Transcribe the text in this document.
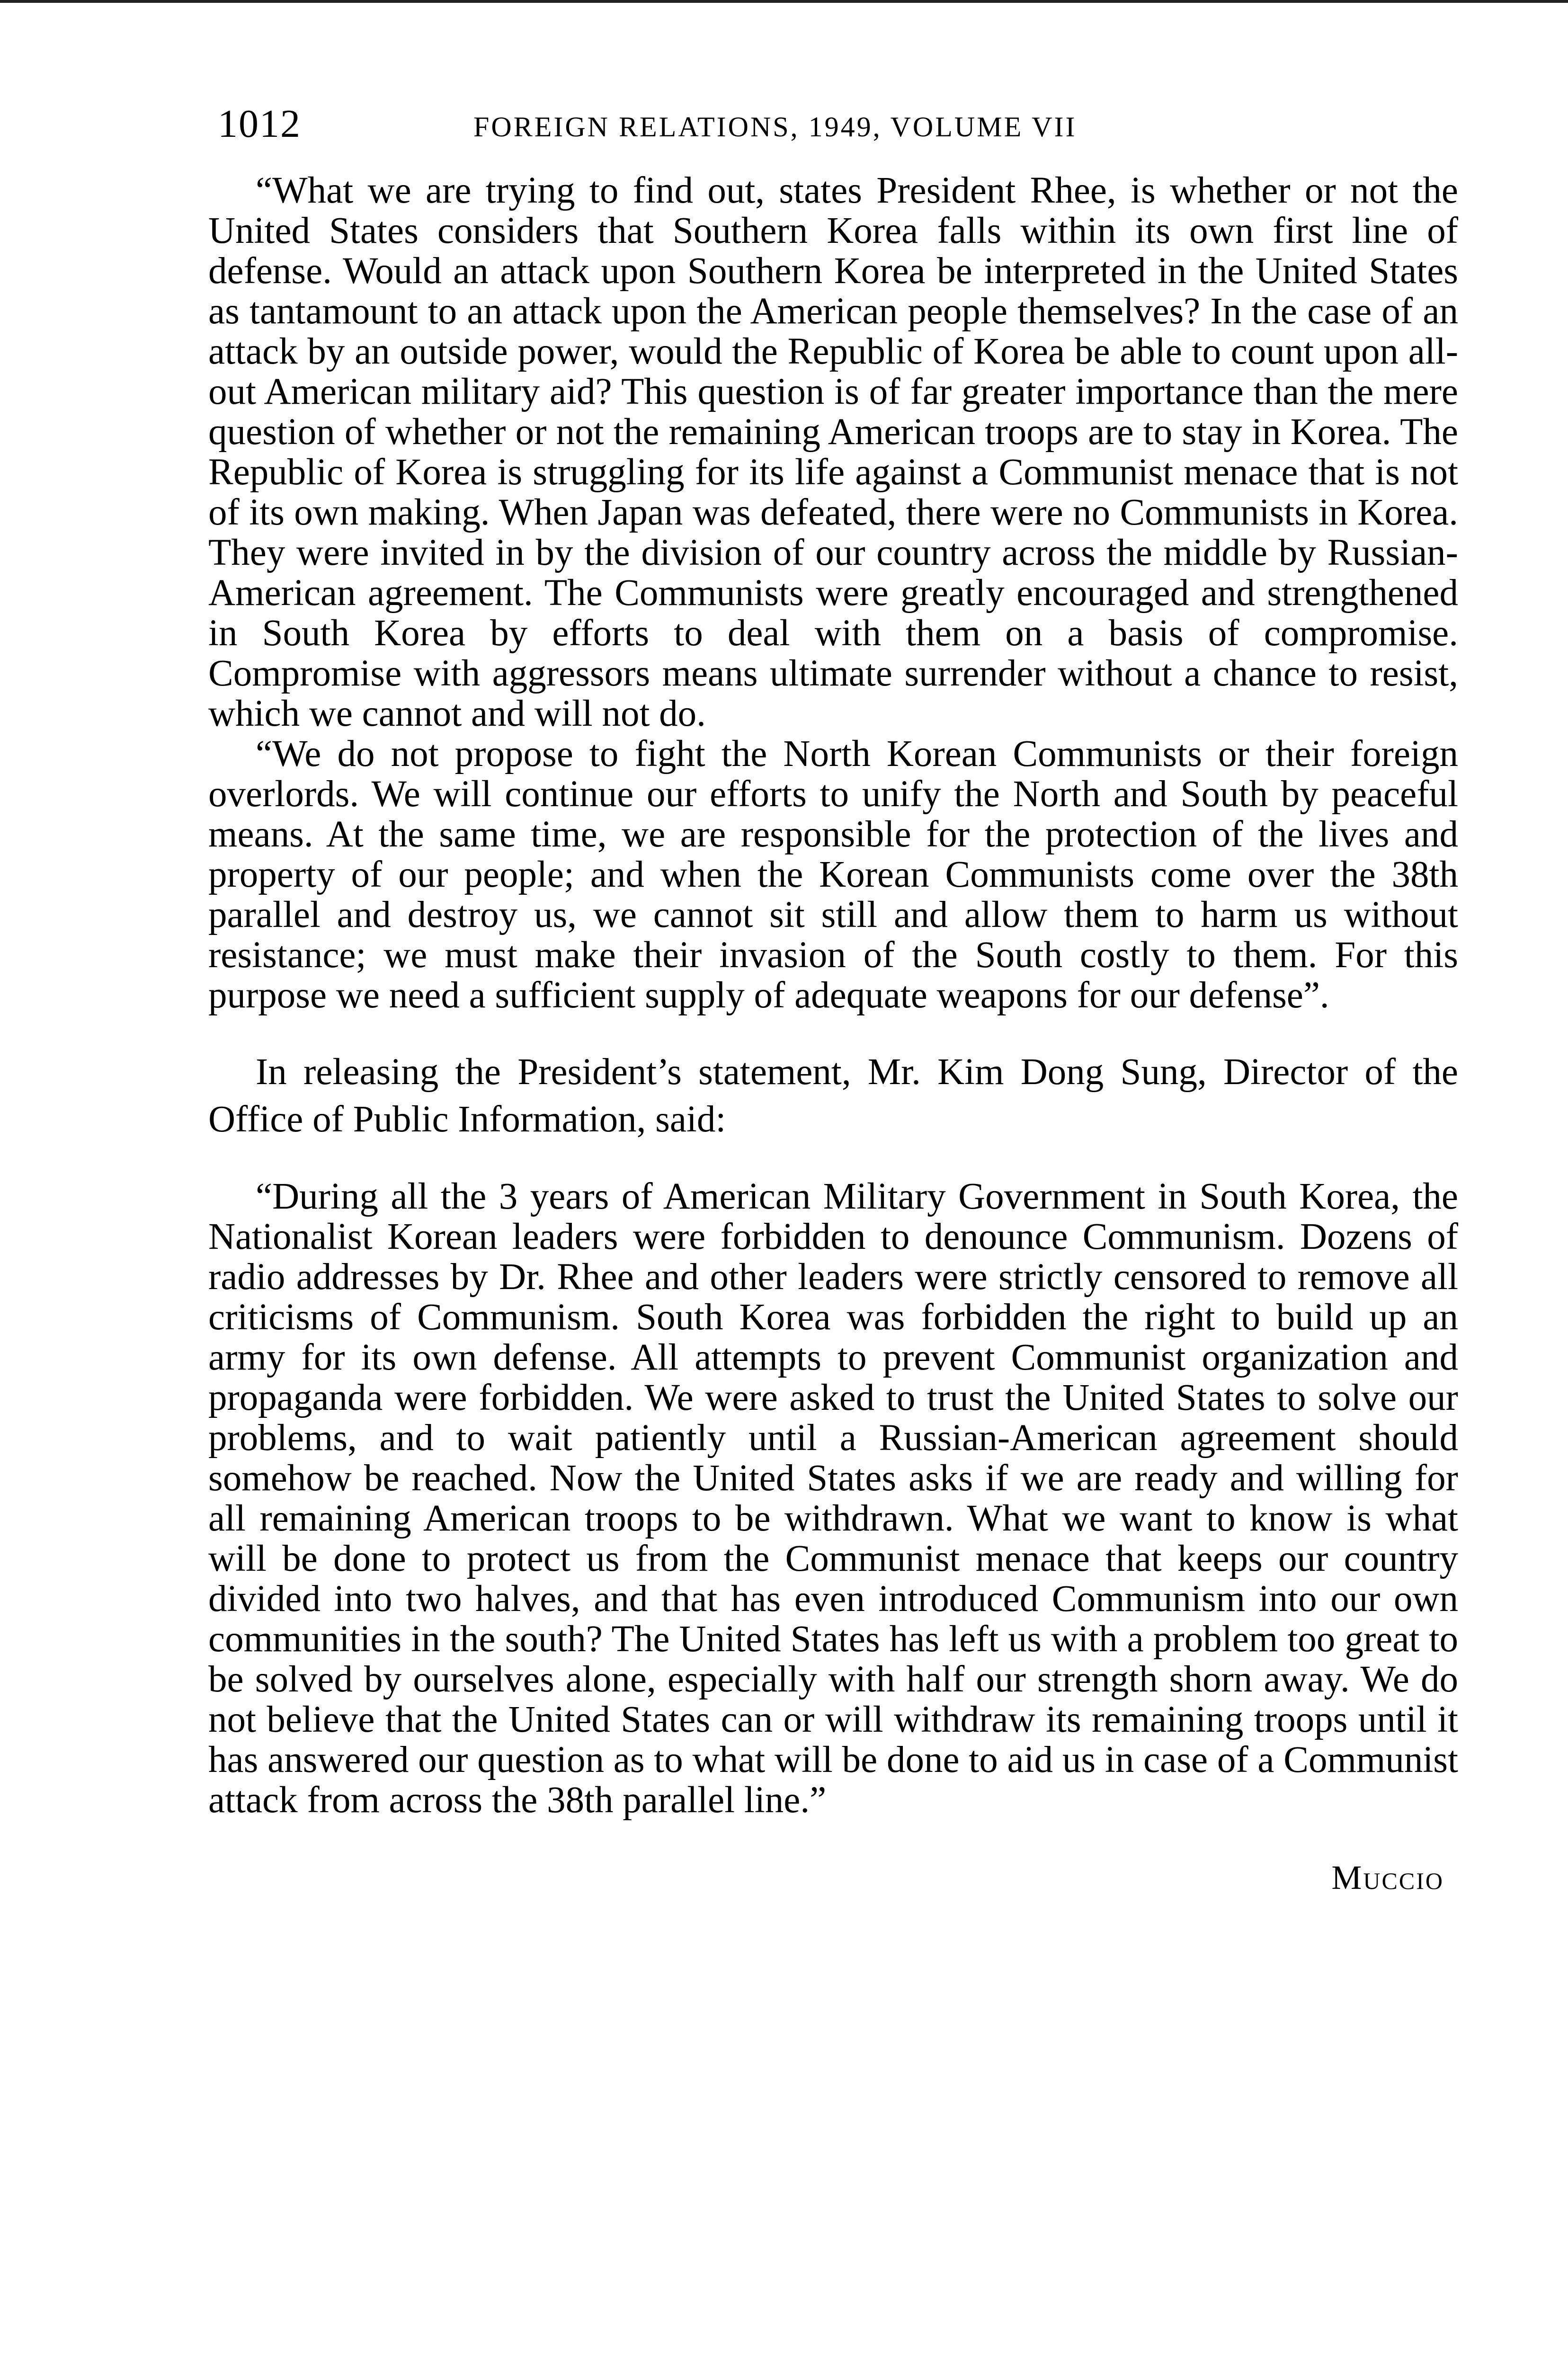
1012	FOREIGN RELATIONS, 1949, VOLUME VII

“What we are trying to find out, states President Rhee, is whether or not the United States considers that Southern Korea falls within its own first line of defense. Would an attack upon Southern Korea be interpreted in the United States as tantamount to an attack upon the American people themselves? In the case of an attack by an outside power, would the Republic of Korea be able to count upon all-out American military aid? This question is of far greater importance than the mere question of whether or not the remaining American troops are to stay in Korea. The Republic of Korea is struggling for its life against a Communist menace that is not of its own making. When Japan was defeated, there were no Communists in Korea. They were invited in by the division of our country across the middle by Russian-American agreement. The Communists were greatly encouraged and strengthened in South Korea by efforts to deal with them on a basis of compromise. Compromise with aggressors means ultimate surrender without a chance to resist, which we cannot and will not do.

“We do not propose to fight the North Korean Communists or their foreign overlords. We will continue our efforts to unify the North and South by peaceful means. At the same time, we are responsible for the protection of the lives and property of our people; and when the Korean Communists come over the 38th parallel and destroy us, we cannot sit still and allow them to harm us without resistance; we must make their invasion of the South costly to them. For this purpose we need a sufficient supply of adequate weapons for our defense”.

In releasing the President’s statement, Mr. Kim Dong Sung, Director of the Office of Public Information, said:

“During all the 3 years of American Military Government in South Korea, the Nationalist Korean leaders were forbidden to denounce Communism. Dozens of radio addresses by Dr. Rhee and other leaders were strictly censored to remove all criticisms of Communism. South Korea was forbidden the right to build up an army for its own defense. All attempts to prevent Communist organization and propaganda were forbidden. We were asked to trust the United States to solve our problems, and to wait patiently until a Russian-American agreement should somehow be reached. Now the United States asks if we are ready and willing for all remaining American troops to be withdrawn. What we want to know is what will be done to protect us from the Communist menace that keeps our country divided into two halves, and that has even introduced Communism into our own communities in the south? The United States has left us with a problem too great to be solved by ourselves alone, especially with half our strength shorn away. We do not believe that the United States can or will withdraw its remaining troops until it has answered our question as to what will be done to aid us in case of a Communist attack from across the 38th parallel line.”

Muccio
